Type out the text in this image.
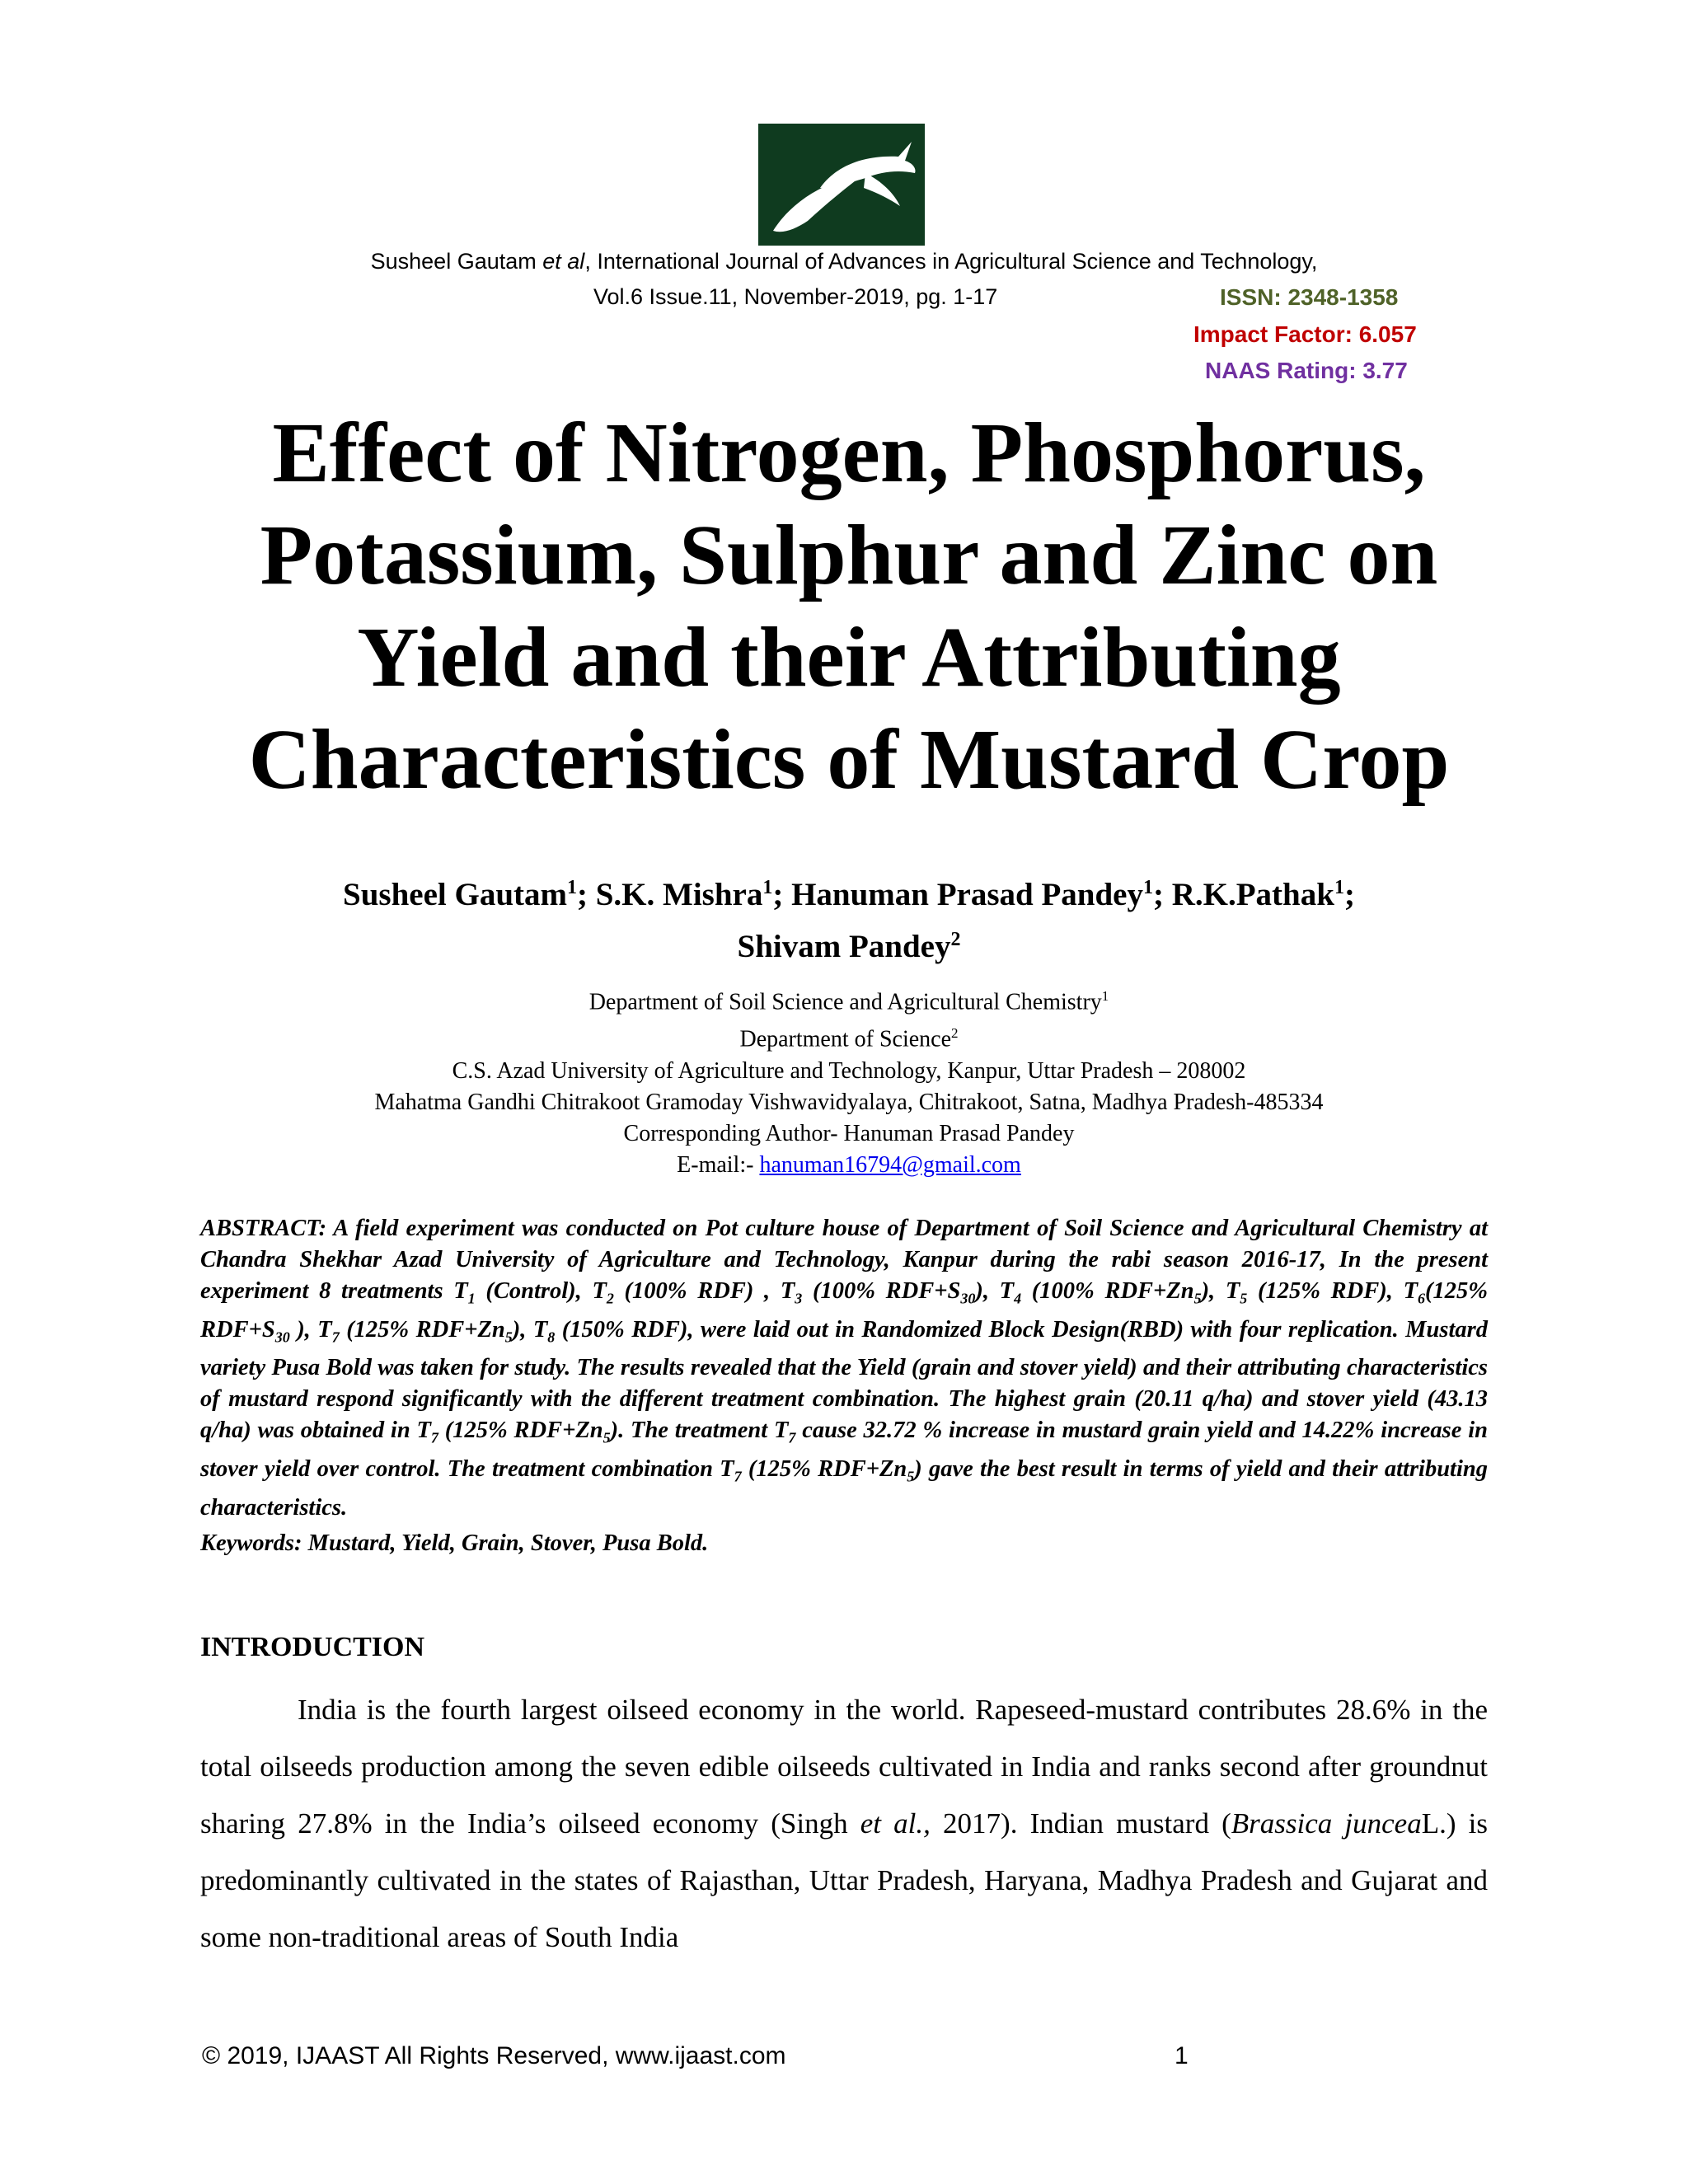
Susheel Gautam et al, International Journal of Advances in Agricultural Science and Technology,
Vol.6 Issue.11, November-2019, pg. 1-17	ISSN: 2348-1358
Impact Factor: 6.057
NAAS Rating: 3.77
Effect of Nitrogen, Phosphorus,
Potassium, Sulphur and Zinc on
Yield and their Attributing
Characteristics of Mustard Crop
Susheel Gautam$^1$; S.K. Mishra$^1$; Hanuman Prasad Pandey$^1$; R.K.Pathak$^1$;
Shivam Pandey$^2$
Department of Soil Science and Agricultural Chemistry$^1$
Department of Science$^2$
C.S. Azad University of Agriculture and Technology, Kanpur, Uttar Pradesh – 208002
Mahatma Gandhi Chitrakoot Gramoday Vishwavidyalaya, Chitrakoot, Satna, Madhya Pradesh-485334
Corresponding Author- Hanuman Prasad Pandey
E-mail:- hanuman16794@gmail.com

ABSTRACT: A field experiment was conducted on Pot culture house of Department of Soil Science and Agricultural Chemistry at Chandra Shekhar Azad University of Agriculture and Technology, Kanpur during the rabi season 2016-17, In the present experiment 8 treatments $T_1$ (Control), $T_2$ (100% RDF) , $T_3$ (100% $RDF+S_{30}$), $T_4$ (100% $RDF+Zn_5$), $T_5$ (125% RDF), $T_6(125\%$ $RDF+S_{30}$ ), $T_7$ (125% $RDF+Zn_5$), $T_8$ (150% RDF), were laid out in Randomized Block Design(RBD) with four replication. Mustard variety Pusa Bold was taken for study. The results revealed that the Yield (grain and stover yield) and their attributing characteristics of mustard respond significantly with the different treatment combination. The highest grain (20.11 q/ha) and stover yield (43.13 q/ha) was obtained in $T_7$ (125% $RDF+Zn_5$). The treatment $T_7$ cause 32.72 % increase in mustard grain yield and 14.22% increase in stover yield over control. The treatment combination $T_7$ (125% $RDF+Zn_5$) gave the best result in terms of yield and their attributing characteristics.

Keywords: Mustard, Yield, Grain, Stover, Pusa Bold.
INTRODUCTION

India is the fourth largest oilseed economy in the world. Rapeseed-mustard contributes 28.6% in the total oilseeds production among the seven edible oilseeds cultivated in India and ranks second after groundnut sharing 27.8% in the India’s oilseed economy (Singh et al., 2017). Indian mustard (Brassica junceaL.) is predominantly cultivated in the states of Rajasthan, Uttar Pradesh, Haryana, Madhya Pradesh and Gujarat and some non-traditional areas of South India

© 2019, IJAAST All Rights Reserved, www.ijaast.com	1
